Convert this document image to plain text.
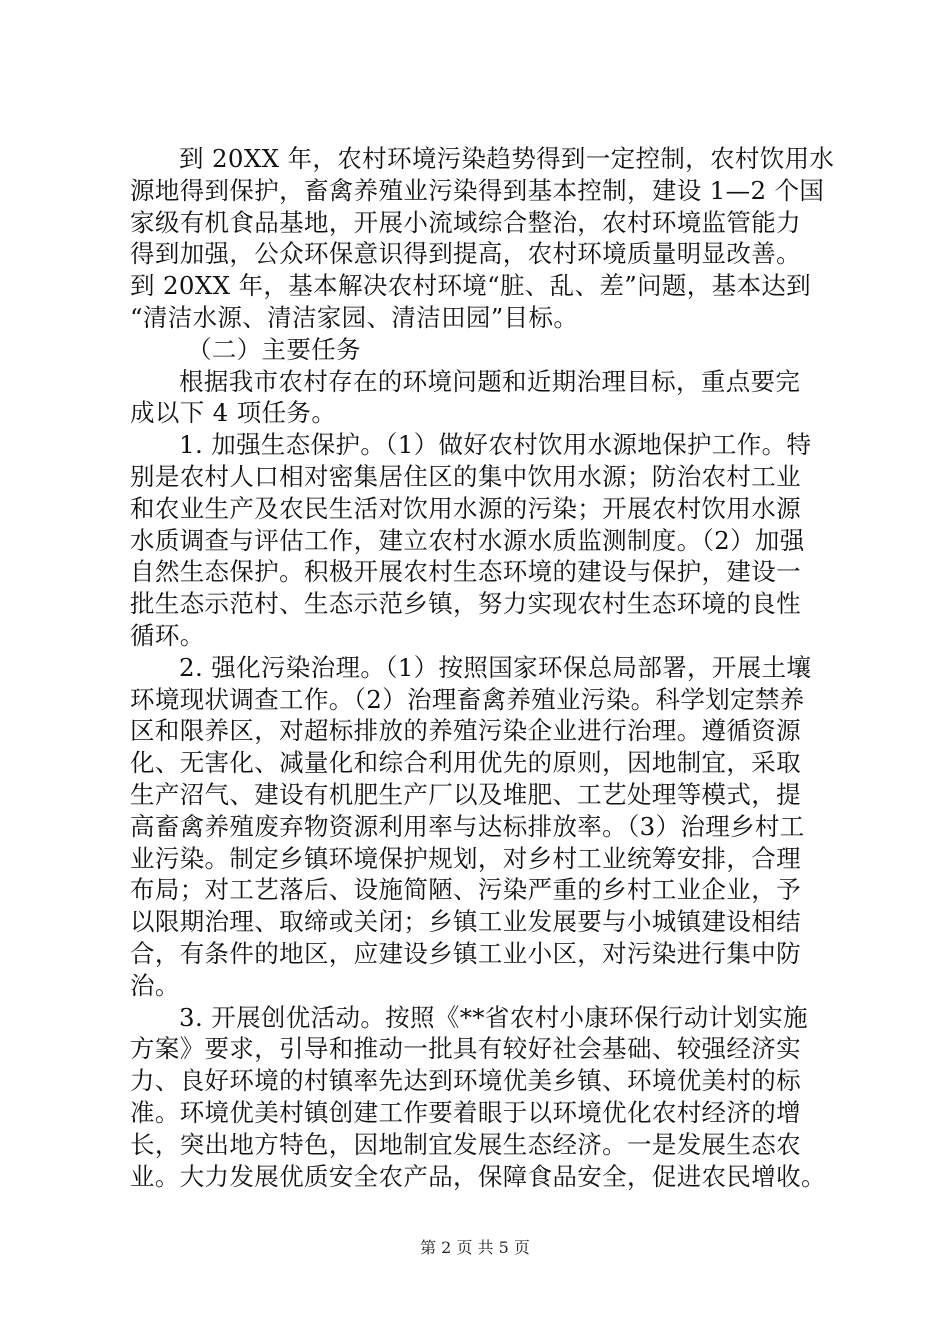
到 20XX 年，农村环境污染趋势得到一定控制，农村饮用水
源地得到保护，畜禽养殖业污染得到基本控制，建设 1—2 个国
家级有机食品基地，开展小流域综合整治，农村环境监管能力
得到加强，公众环保意识得到提高，农村环境质量明显改善。
到 20XX 年，基本解决农村环境“脏、乱、差”问题，基本达到
“清洁水源、清洁家园、清洁田园”目标。
（二）主要任务
根据我市农村存在的环境问题和近期治理目标，重点要完
成以下 4 项任务。
1. 加强生态保护。（1）做好农村饮用水源地保护工作。特
别是农村人口相对密集居住区的集中饮用水源；防治农村工业
和农业生产及农民生活对饮用水源的污染；开展农村饮用水源
水质调查与评估工作，建立农村水源水质监测制度。（2）加强
自然生态保护。积极开展农村生态环境的建设与保护，建设一
批生态示范村、生态示范乡镇，努力实现农村生态环境的良性
循环。
2. 强化污染治理。（1）按照国家环保总局部署，开展土壤
环境现状调查工作。（2）治理畜禽养殖业污染。科学划定禁养
区和限养区，对超标排放的养殖污染企业进行治理。遵循资源
化、无害化、减量化和综合利用优先的原则，因地制宜，采取
生产沼气、建设有机肥生产厂以及堆肥、工艺处理等模式，提
高畜禽养殖废弃物资源利用率与达标排放率。（3）治理乡村工
业污染。制定乡镇环境保护规划，对乡村工业统筹安排，合理
布局；对工艺落后、设施简陋、污染严重的乡村工业企业，予
以限期治理、取缔或关闭；乡镇工业发展要与小城镇建设相结
合，有条件的地区，应建设乡镇工业小区，对污染进行集中防
治。
3. 开展创优活动。按照《**省农村小康环保行动计划实施
方案》要求，引导和推动一批具有较好社会基础、较强经济实
力、良好环境的村镇率先达到环境优美乡镇、环境优美村的标
准。环境优美村镇创建工作要着眼于以环境优化农村经济的增
长，突出地方特色，因地制宜发展生态经济。一是发展生态农
业。大力发展优质安全农产品，保障食品安全，促进农民增收。
第 2 页 共 5 页
